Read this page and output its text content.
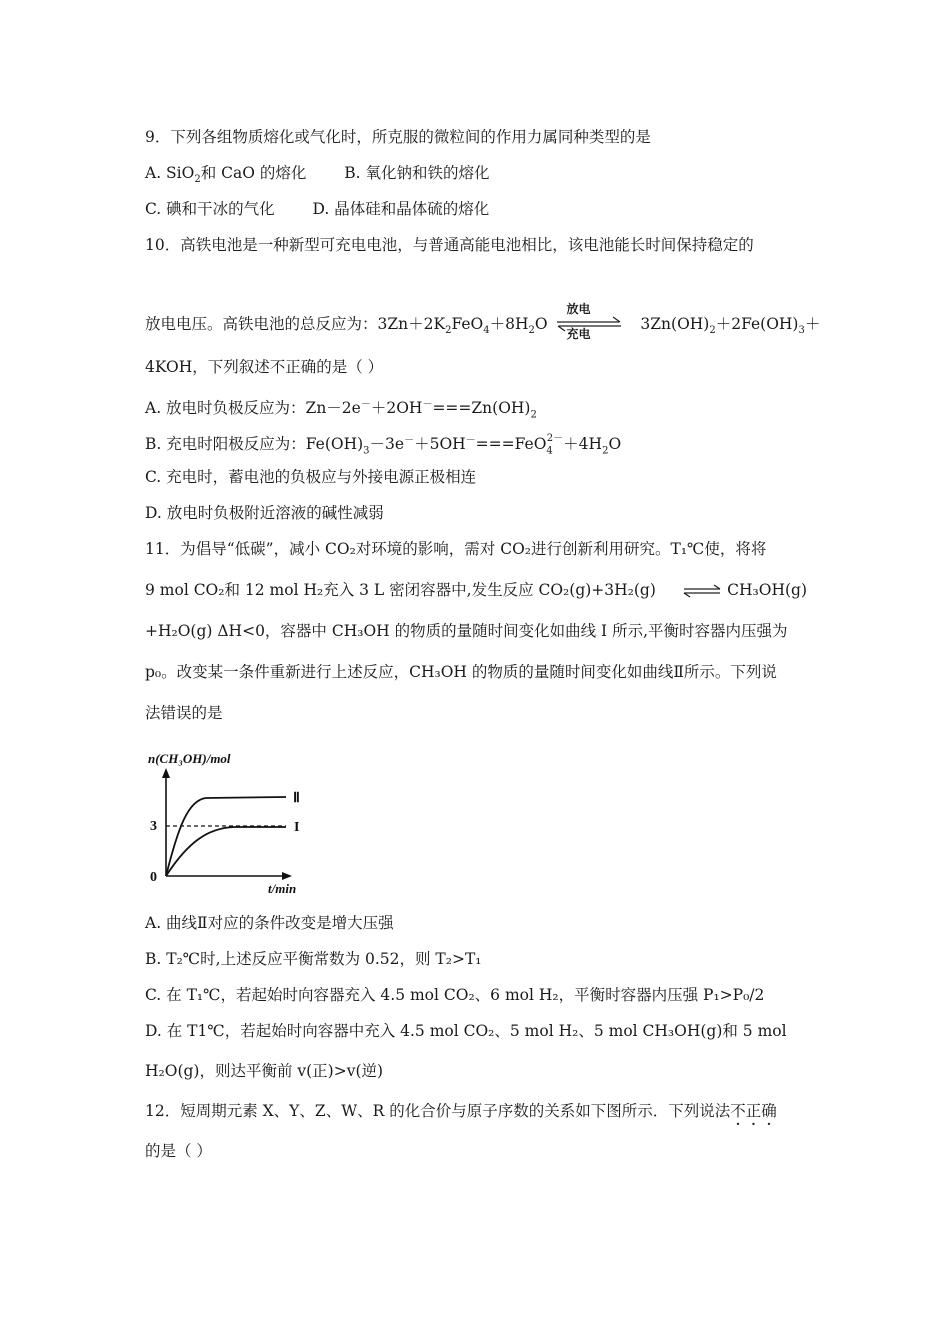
9．下列各组物质熔化或气化时，所克服的微粒间的作用力属同种类型的是
A. SiO$_2$和 CaO 的熔化 B. 氧化钠和铁的熔化
C. 碘和干冰的气化 D. 晶体硅和晶体硫的熔化
10．高铁电池是一种新型可充电电池，与普通高能电池相比，该电池能长时间保持稳定的
放电电压。高铁电池的总反应为：$3Zn+2K_2FeO_4+8H_2O$
放电
充电
$3Zn(OH)_2+2Fe(OH)_3+$
4KOH，下列叙述不正确的是（ ）
A. 放电时负极反应为：$Zn-2e^-+2OH^-===Zn(OH)_2$
B. 充电时阳极反应为：$Fe(OH)_3-3e^-+5OH^-===FeO_4^{2-}+4H_2O$
C. 充电时，蓄电池的负极应与外接电源正极相连
D. 放电时负极附近溶液的碱性减弱
11．为倡导“低碳”，减小 CO₂对环境的影响，需对 CO₂进行创新利用研究。T₁℃使，将将
9 mol CO₂和 12 mol H₂充入 3 L 密闭容器中,发生反应 CO₂(g)+3H₂(g) ⇌ CH₃OH(g)
+H₂O(g) ΔH<0，容器中 CH₃OH 的物质的量随时间变化如曲线 I 所示,平衡时容器内压强为
p₀。改变某一条件重新进行上述反应，CH₃OH 的物质的量随时间变化如曲线Ⅱ所示。下列说
法错误的是
n(CH₃OH)/mol
0
3
Ⅱ
I
t/min
A. 曲线Ⅱ对应的条件改变是增大压强
B. T₂℃时,上述反应平衡常数为 0.52，则 T₂>T₁
C. 在 T₁℃，若起始时向容器充入 4.5 mol CO₂、6 mol H₂，平衡时容器内压强 P₁>P₀/2
D. 在 T1℃，若起始时向容器中充入 4.5 mol CO₂、5 mol H₂、5 mol CH₃OH(g)和 5 mol
H₂O(g)，则达平衡前 v(正)>v(逆)
12．短周期元素 X、Y、Z、W、R 的化合价与原子序数的关系如下图所示．下列说法不正确
的是（ ）
